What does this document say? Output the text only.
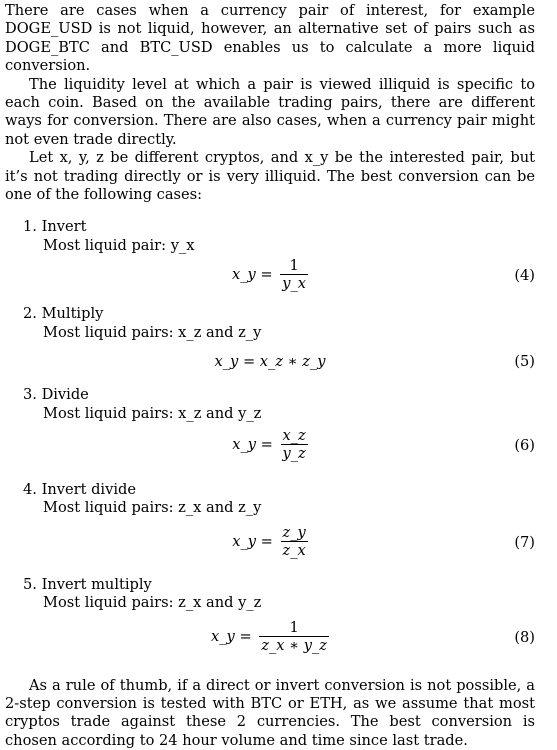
There are cases when a currency pair of interest, for example DOGE_USD is not liquid, however, an alternative set of pairs such as DOGE_BTC and BTC_USD enables us to calculate a more liquid conversion.

The liquidity level at which a pair is viewed illiquid is specific to each coin. Based on the available trading pairs, there are different ways for conversion. There are also cases, when a currency pair might not even trade directly.

Let x, y, z be different cryptos, and x_y be the interested pair, but it’s not trading directly or is very illiquid. The best conversion can be one of the following cases:

1. Invert
Most liquid pair: y_x
x_y = $\frac{1}{y\_x}$	(4)
2. Multiply
Most liquid pairs: x_z and z_y
x_y = x_z ∗ z_y	(5)
3. Divide
Most liquid pairs: x_z and y_z
x_y = $\frac{x\_z}{y\_z}$	(6)
4. Invert divide
Most liquid pairs: z_x and z_y
x_y = $\frac{z\_y}{z\_x}$	(7)
5. Invert multiply
Most liquid pairs: z_x and y_z
x_y = $\frac{1}{z\_x ∗ y\_z}$	(8)

As a rule of thumb, if a direct or invert conversion is not possible, a 2-step conversion is tested with BTC or ETH, as we assume that most cryptos trade against these 2 currencies. The best conversion is chosen according to 24 hour volume and time since last trade.
